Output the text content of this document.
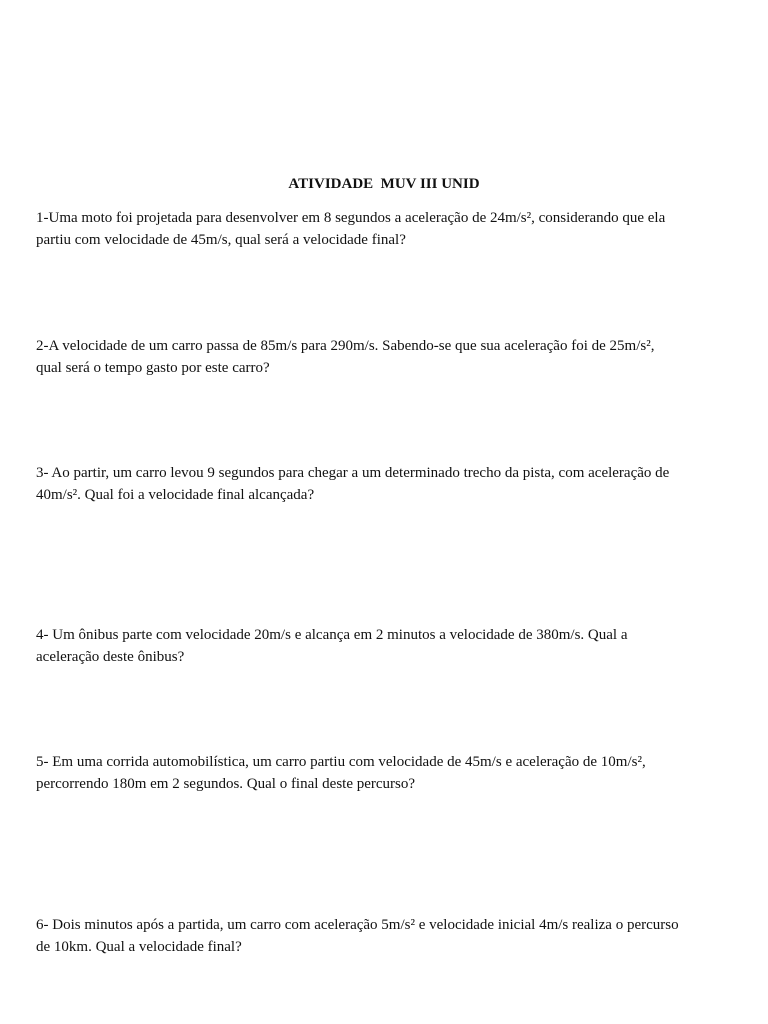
ATIVIDADE  MUV III UNID
1-Uma moto foi projetada para desenvolver em 8 segundos a aceleração de 24m/s², considerando que ela
partiu com velocidade de 45m/s, qual será a velocidade final?
2-A velocidade de um carro passa de 85m/s para 290m/s. Sabendo-se que sua aceleração foi de 25m/s²,
qual será o tempo gasto por este carro?
3- Ao partir, um carro levou 9 segundos para chegar a um determinado trecho da pista, com aceleração de
40m/s². Qual foi a velocidade final alcançada?
4- Um ônibus parte com velocidade 20m/s e alcança em 2 minutos a velocidade de 380m/s. Qual a
aceleração deste ônibus?
5- Em uma corrida automobilística, um carro partiu com velocidade de 45m/s e aceleração de 10m/s²,
percorrendo 180m em 2 segundos. Qual o final deste percurso?
6- Dois minutos após a partida, um carro com aceleração 5m/s² e velocidade inicial 4m/s realiza o percurso
de 10km. Qual a velocidade final?
